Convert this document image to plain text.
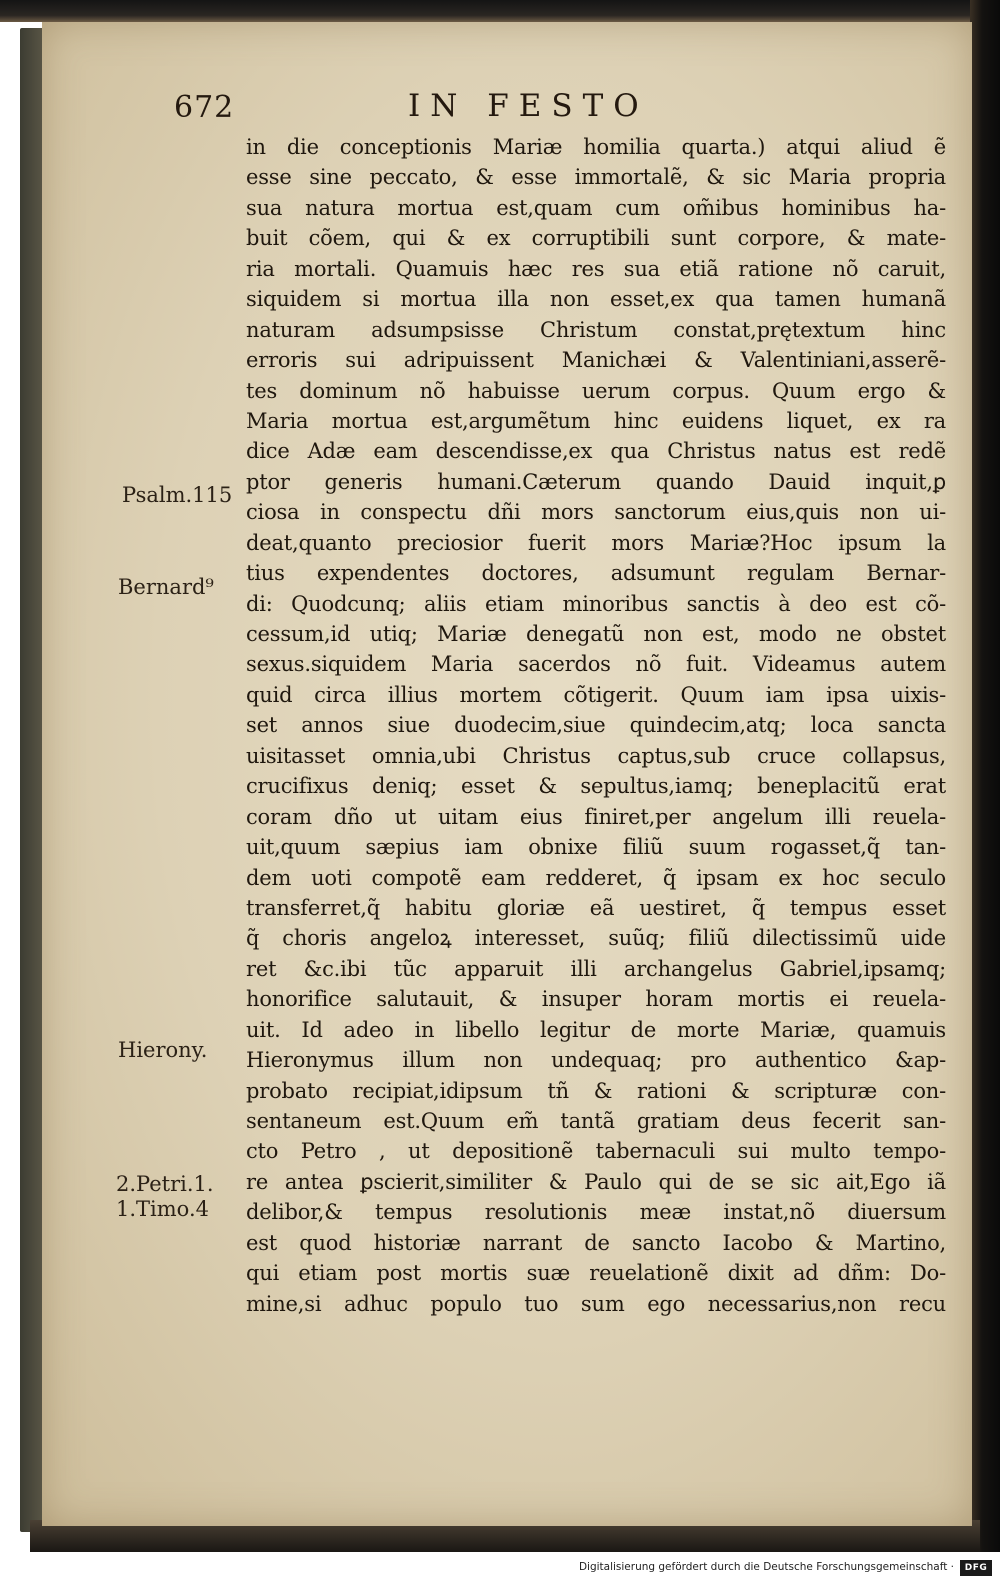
672	IN FESTO
in die conceptionis Mariæ homilia quarta.) atqui aliud ẽ
esse sine peccato, & esse immortalẽ, & sic Maria propria
sua natura mortua est,quam cum om̃ibus hominibus ha-
buit cõem, qui & ex corruptibili sunt corpore, & mate-
ria mortali. Quamuis hæc res sua etiã ratione nõ caruit,
siquidem si mortua illa non esset,ex qua tamen humanã
naturam adsumpsisse Christum constat,prętextum hinc
erroris sui adripuissent Manichæi & Valentiniani,asserẽ-
tes dominum nõ habuisse uerum corpus. Quum ergo &
Maria mortua est,argumẽtum hinc euidens liquet, ex ra
dice Adæ eam descendisse,ex qua Christus natus est redẽ
ptor generis humani.Cæterum quando Dauid inquit,ꝑ
ciosa in conspectu dñi mors sanctorum eius,quis non ui-
deat,quanto preciosior fuerit mors Mariæ?Hoc ipsum la
tius expendentes doctores, adsumunt regulam Bernar-
di: Quodcunq; aliis etiam minoribus sanctis à deo est cõ-
cessum,id utiq; Mariæ denegatũ non est, modo ne obstet
sexus.siquidem Maria sacerdos nõ fuit. Videamus autem
quid circa illius mortem cõtigerit. Quum iam ipsa uixis-
set annos siue duodecim,siue quindecim,atq; loca sancta
uisitasset omnia,ubi Christus captus,sub cruce collapsus,
crucifixus deniq; esset & sepultus,iamq; beneplacitũ erat
coram dño ut uitam eius finiret,per angelum illi reuela-
uit,quum sæpius iam obnixe filiũ suum rogasset,q̃ tan-
dem uoti compotẽ eam redderet, q̃ ipsam ex hoc seculo
transferret,q̃ habitu gloriæ eã uestiret, q̃ tempus esset
q̃ choris angeloꝝ interesset, suũq; filiũ dilectissimũ uide
ret &c.ibi tũc apparuit illi archangelus Gabriel,ipsamq;
honorifice salutauit, & insuper horam mortis ei reuela-
uit. Id adeo in libello legitur de morte Mariæ, quamuis
Hieronymus illum non undequaq; pro authentico &ap-
probato recipiat,idipsum tñ & rationi & scripturæ con-
sentaneum est.Quum em̃ tantã gratiam deus fecerit san-
cto Petro , ut depositionẽ tabernaculi sui multo tempo-
re antea ꝑscierit,similiter & Paulo qui de se sic ait,Ego iã
delibor,& tempus resolutionis meæ instat,nõ diuersum
est quod historiæ narrant de sancto Iacobo & Martino,
qui etiam post mortis suæ reuelationẽ dixit ad dñm: Do-
mine,si adhuc populo tuo sum ego necessarius,non recu
Psalm.115
Bernard⁹
Hierony.
2.Petri.1.
1.Timo.4
Digitalisierung gefördert durch die Deutsche Forschungsgemeinschaft ·	DFG
